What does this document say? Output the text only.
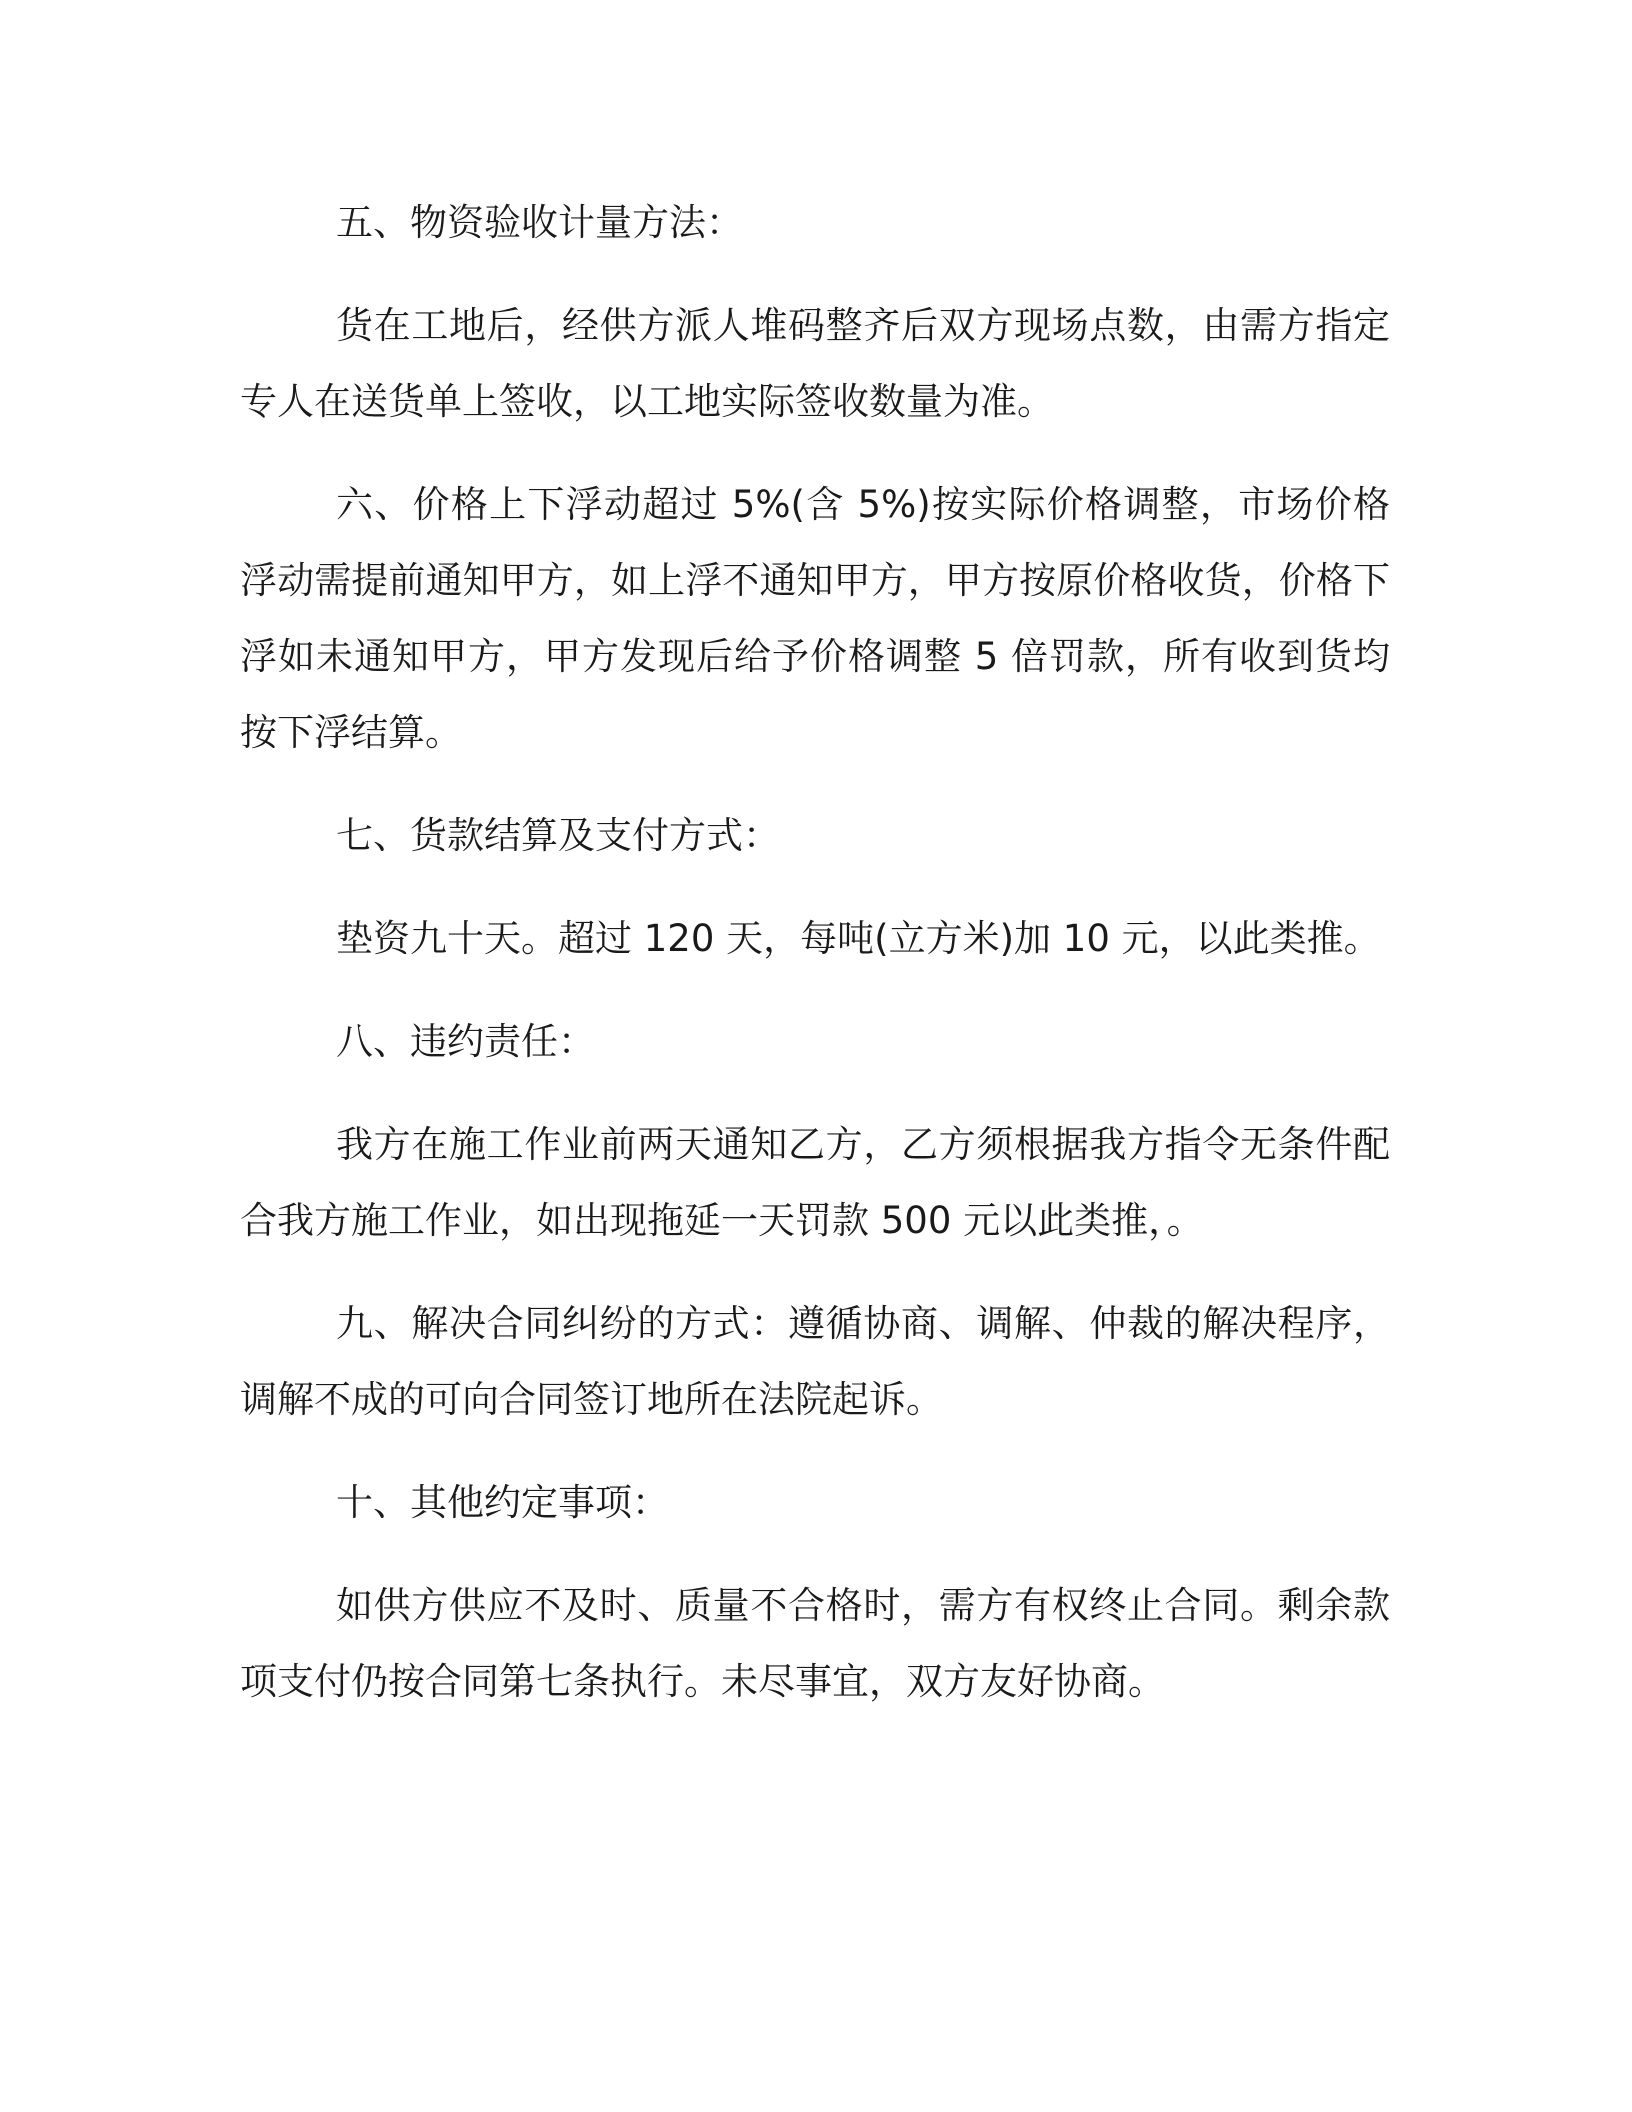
五、物资验收计量方法：

货在工地后，经供方派人堆码整齐后双方现场点数，由需方指定专人在送货单上签收，以工地实际签收数量为准。

六、价格上下浮动超过 5%(含 5%)按实际价格调整，市场价格浮动需提前通知甲方，如上浮不通知甲方，甲方按原价格收货，价格下浮如未通知甲方，甲方发现后给予价格调整 5 倍罚款，所有收到货均按下浮结算。

七、货款结算及支付方式：

垫资九十天。超过 120 天，每吨(立方米)加 10 元，以此类推。

八、违约责任：

我方在施工作业前两天通知乙方，乙方须根据我方指令无条件配合我方施工作业，如出现拖延一天罚款 500 元以此类推，。

九、解决合同纠纷的方式：遵循协商、调解、仲裁的解决程序，调解不成的可向合同签订地所在法院起诉。

十、其他约定事项：

如供方供应不及时、质量不合格时，需方有权终止合同。剩余款项支付仍按合同第七条执行。未尽事宜，双方友好协商。
